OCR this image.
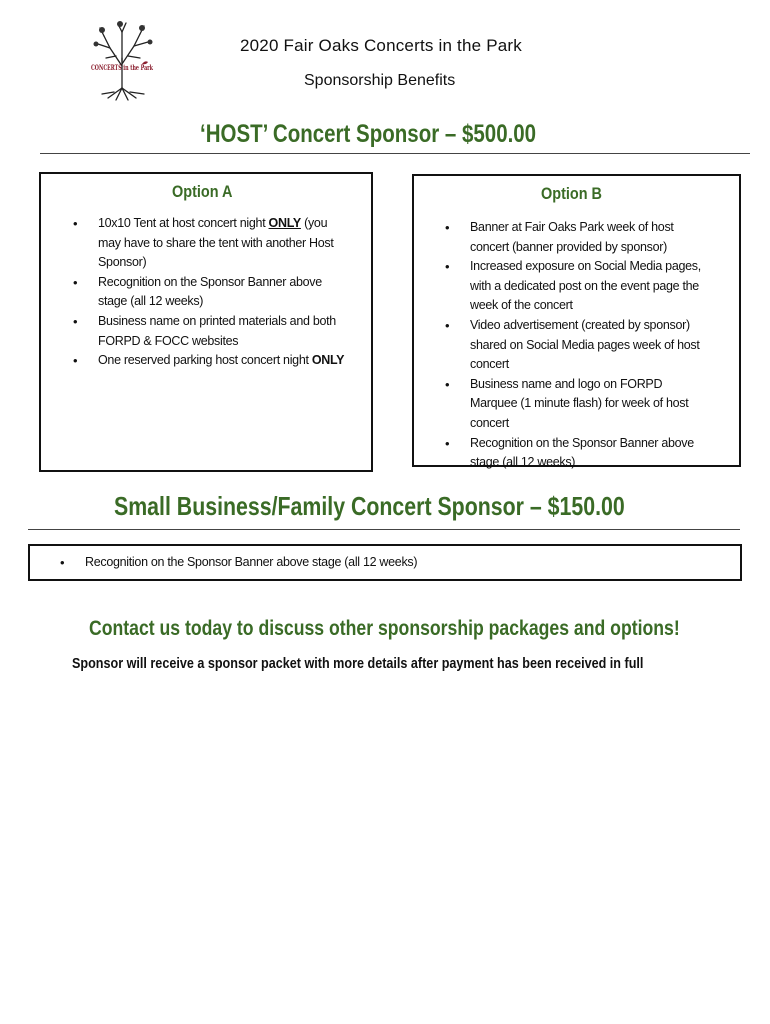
CONCERTS in the Park
2020 Fair Oaks Concerts in the Park
Sponsorship Benefits
‘HOST’ Concert Sponsor – $500.00
Option A
• 10x10 Tent at host concert night ONLY (you may have to share the tent with another Host Sponsor)
• Recognition on the Sponsor Banner above stage (all 12 weeks)
• Business name on printed materials and both FORPD & FOCC websites
• One reserved parking host concert night ONLY
Option B
• Banner at Fair Oaks Park week of host concert (banner provided by sponsor)
• Increased exposure on Social Media pages, with a dedicated post on the event page the week of the concert
• Video advertisement (created by sponsor) shared on Social Media pages week of host concert
• Business name and logo on FORPD Marquee (1 minute flash) for week of host concert
• Recognition on the Sponsor Banner above stage (all 12 weeks)
Small Business/Family Concert Sponsor – $150.00
• Recognition on the Sponsor Banner above stage (all 12 weeks)
Contact us today to discuss other sponsorship packages and options!
Sponsor will receive a sponsor packet with more details after payment has been received in full
